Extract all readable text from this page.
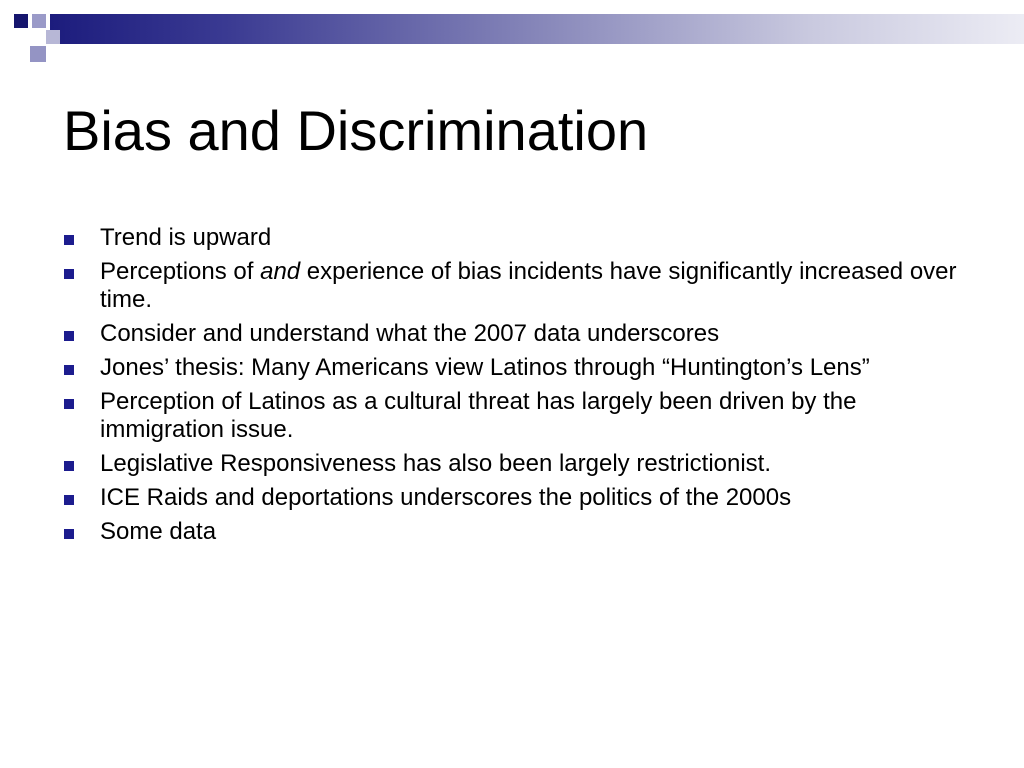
Bias and Discrimination
Trend is upward
Perceptions of and experience of bias incidents have significantly increased over time.
Consider and understand what the 2007 data underscores
Jones’ thesis: Many Americans view Latinos through “Huntington’s Lens”
Perception of Latinos as a cultural threat has largely been driven by the immigration issue.
Legislative Responsiveness has also been largely restrictionist.
ICE Raids and deportations underscores the politics of the 2000s
Some data
